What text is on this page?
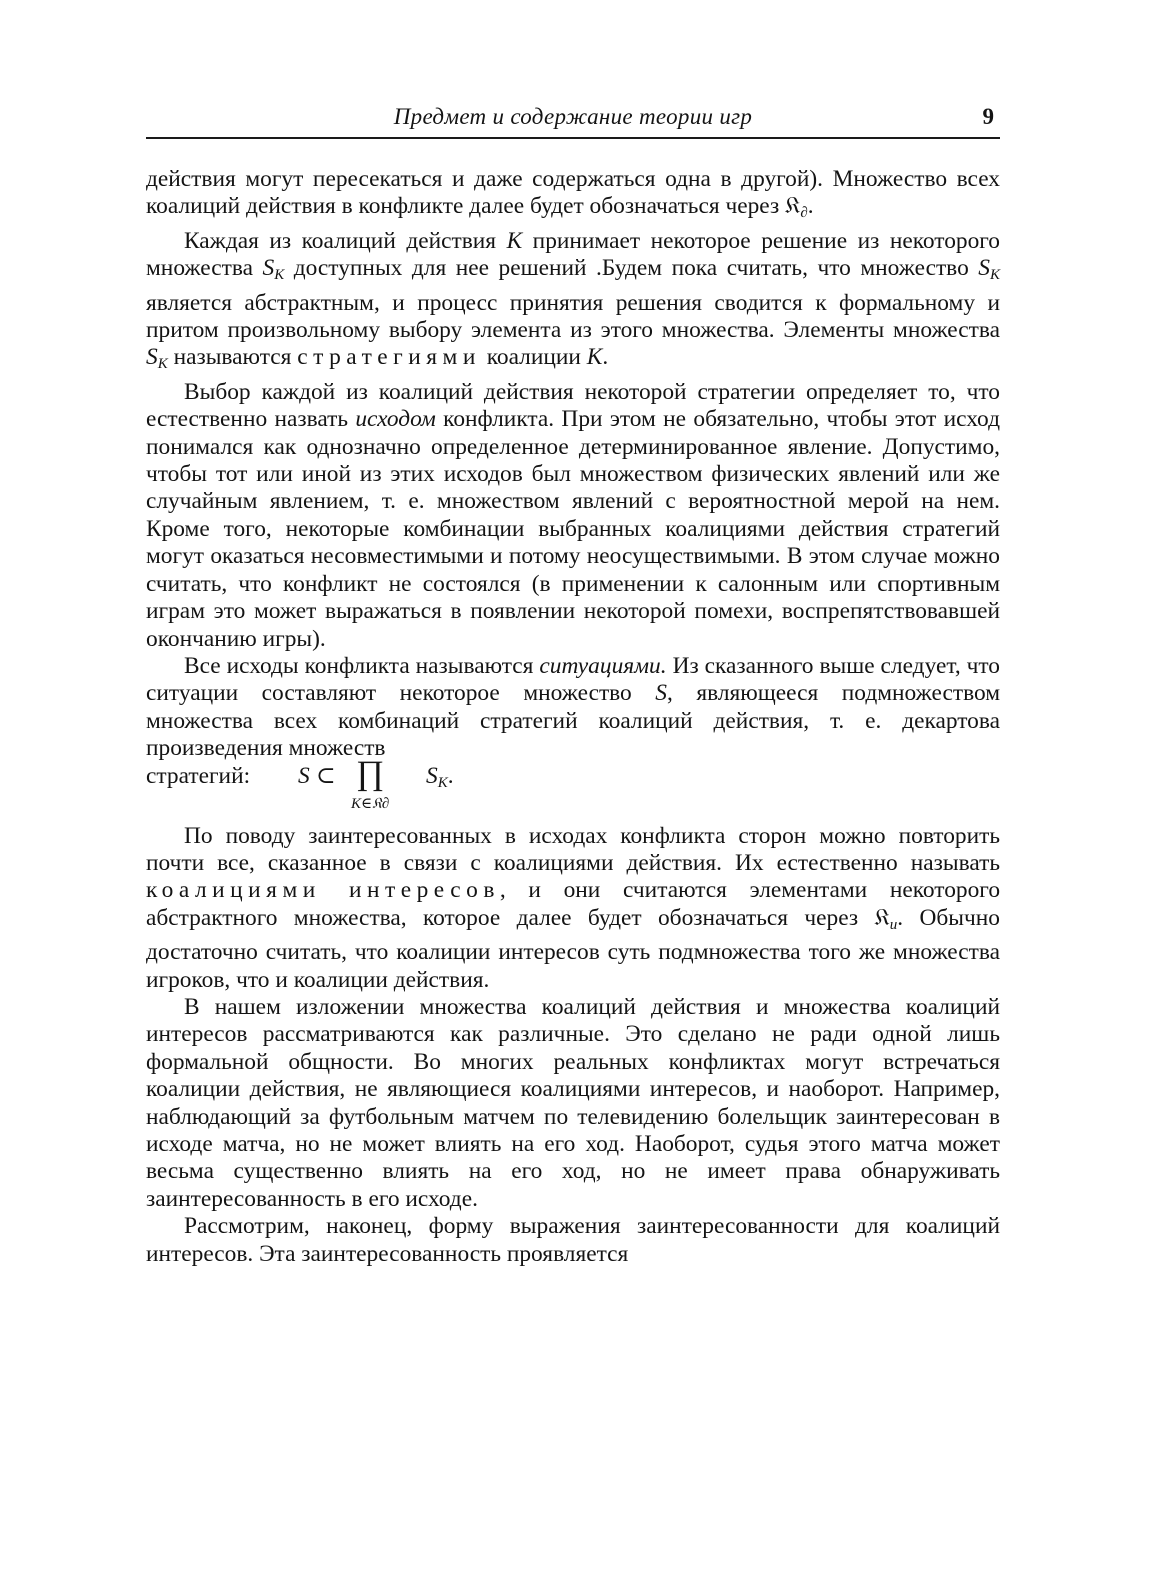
Предмет и содержание теории игр	9

действия могут пересекаться и даже содержаться одна в другой). Множество всех коалиций действия в конфликте далее будет обозначаться через 𝔎$_\partial$.

Каждая из коалиций действия K принимает некоторое решение из некоторого множества $S_K$ доступных для нее решений .Будем пока считать, что множество $S_K$ является абстрактным, и процесс принятия решения сводится к формальному и притом произвольному выбору элемента из этого множества. Элементы множества $S_K$ называются стратегиями коалиции K.

Выбор каждой из коалиций действия некоторой стратегии определяет то, что естественно назвать исходом конфликта. При этом не обязательно, чтобы этот исход понимался как однозначно определенное детерминированное явление. Допустимо, чтобы тот или иной из этих исходов был множеством физических явлений или же случайным явлением, т. е. множеством явлений с вероятностной мерой на нем. Кроме того, некоторые комбинации выбранных коалициями действия стратегий могут оказаться несовместимыми и потому неосуществимыми. В этом случае можно считать, что конфликт не состоялся (в применении к салонным или спортивным играм это может выражаться в появлении некоторой помехи, воспрепятствовавшей окончанию игры).

Все исходы конфликта называются ситуациями. Из сказанного выше следует, что ситуации составляют некоторое множество S, являющееся подмножеством множества всех комбинаций стратегий коалиций действия, т. е. декартова произведения множеств

стратегий: S ⊂ ∏
K∈𝔎∂
$S_K$.

По поводу заинтересованных в исходах конфликта сторон можно повторить почти все, сказанное в связи с коалициями действия. Их естественно называть коалициями интересов, и они считаются элементами некоторого абстрактного множества, которое далее будет обозначаться через 𝔎$_u$. Обычно достаточно считать, что коалиции интересов суть подмножества того же множества игроков, что и коалиции действия.

В нашем изложении множества коалиций действия и множества коалиций интересов рассматриваются как различные. Это сделано не ради одной лишь формальной общности. Во многих реальных конфликтах могут встречаться коалиции действия, не являющиеся коалициями интересов, и наоборот. Например, наблюдающий за футбольным матчем по телевидению болельщик заинтересован в исходе матча, но не может влиять на его ход. Наоборот, судья этого матча может весьма существенно влиять на его ход, но не имеет права обнаруживать заинтересованность в его исходе.

Рассмотрим, наконец, форму выражения заинтересованности для коалиций интересов. Эта заинтересованность проявляется
